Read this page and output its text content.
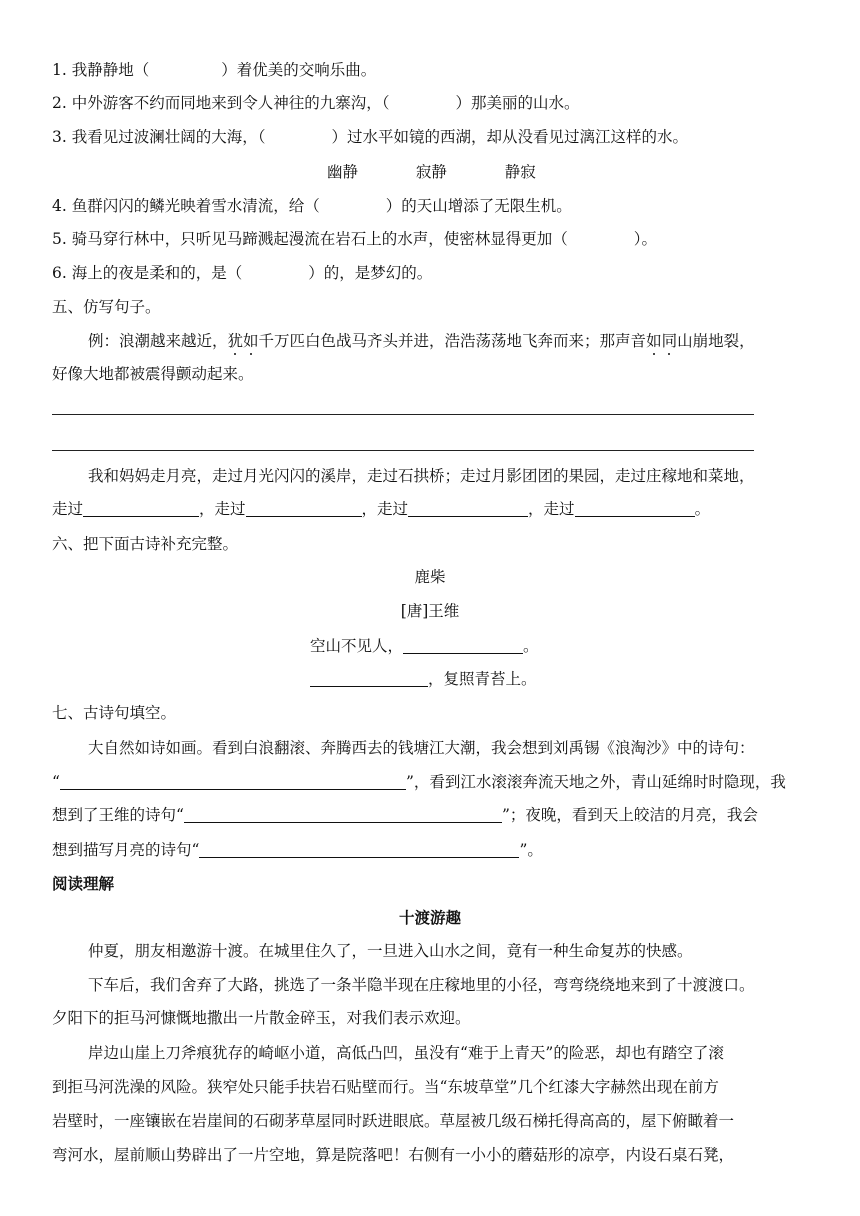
1. 我静静地（	）着优美的交响乐曲。
2. 中外游客不约而同地来到令人神往的九寨沟，（	）那美丽的山水。
3. 我看见过波澜壮阔的大海，（	）过水平如镜的西湖，却从没看见过漓江这样的水。
幽静	寂静	静寂
4. 鱼群闪闪的鳞光映着雪水清流，给（	）的天山增添了无限生机。
5. 骑马穿行林中，只听见马蹄溅起漫流在岩石上的水声，使密林显得更加（	）。
6. 海上的夜是柔和的，是（	）的，是梦幻的。
五、仿写句子。
例：浪潮越来越近，犹如千万匹白色战马齐头并进，浩浩荡荡地飞奔而来；那声音如同山崩地裂，
好像大地都被震得颤动起来。
我和妈妈走月亮，走过月光闪闪的溪岸，走过石拱桥；走过月影团团的果园，走过庄稼地和菜地，
走过	，走过	，走过	，走过	。
六、把下面古诗补充完整。
鹿柴
[唐]王维
空山不见人，	。
，复照青苔上。
七、古诗句填空。
大自然如诗如画。看到白浪翻滚、奔腾西去的钱塘江大潮，我会想到刘禹锡《浪淘沙》中的诗句：
“	”，看到江水滚滚奔流天地之外，青山延绵时时隐现，我
想到了王维的诗句“	”；夜晚，看到天上皎洁的月亮，我会
想到描写月亮的诗句“	”。
阅读理解
十渡游趣
仲夏，朋友相邀游十渡。在城里住久了，一旦进入山水之间，竟有一种生命复苏的快感。
下车后，我们舍弃了大路，挑选了一条半隐半现在庄稼地里的小径，弯弯绕绕地来到了十渡渡口。
夕阳下的拒马河慷慨地撒出一片散金碎玉，对我们表示欢迎。
岸边山崖上刀斧痕犹存的崎岖小道，高低凸凹，虽没有“难于上青天”的险恶，却也有踏空了滚
到拒马河洗澡的风险。狭窄处只能手扶岩石贴壁而行。当“东坡草堂”几个红漆大字赫然出现在前方
岩壁时，一座镶嵌在岩崖间的石砌茅草屋同时跃进眼底。草屋被几级石梯托得高高的，屋下俯瞰着一
弯河水，屋前顺山势辟出了一片空地，算是院落吧！右侧有一小小的蘑菇形的凉亭，内设石桌石凳，
